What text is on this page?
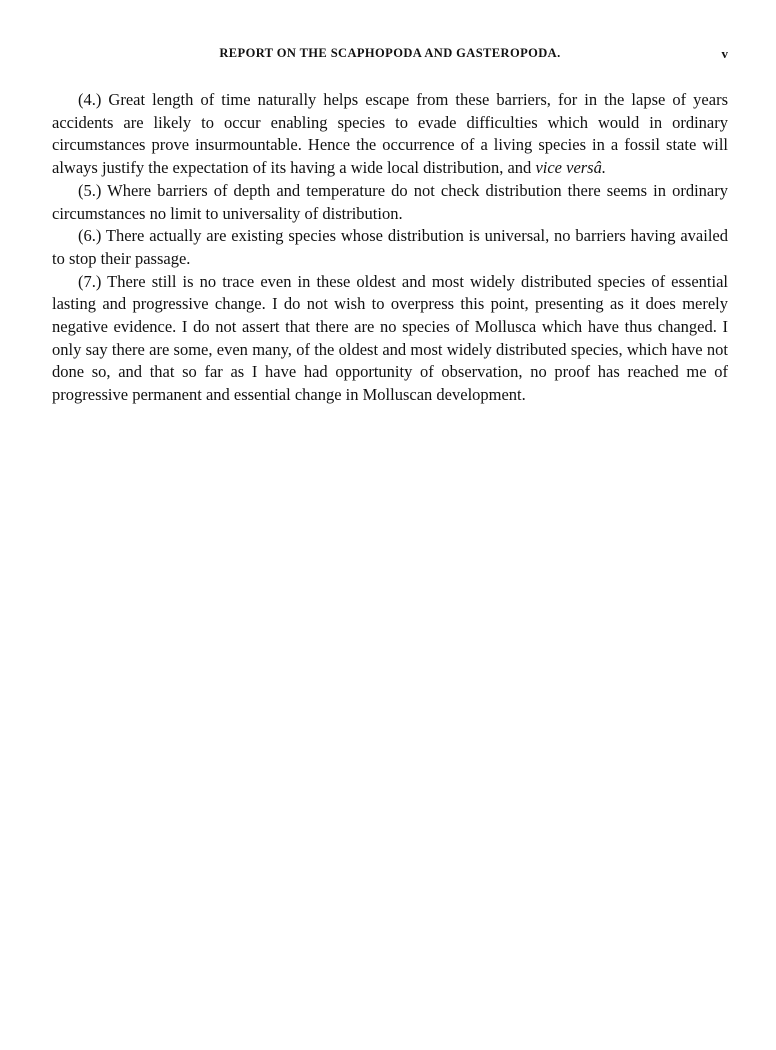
REPORT ON THE SCAPHOPODA AND GASTEROPODA.	v

(4.) Great length of time naturally helps escape from these barriers, for in the lapse of years accidents are likely to occur enabling species to evade difficulties which would in ordinary circumstances prove insurmountable. Hence the occurrence of a living species in a fossil state will always justify the expectation of its having a wide local distribution, and vice versâ.

(5.) Where barriers of depth and temperature do not check distribution there seems in ordinary circumstances no limit to universality of distribution.

(6.) There actually are existing species whose distribution is universal, no barriers having availed to stop their passage.

(7.) There still is no trace even in these oldest and most widely distributed species of essential lasting and progressive change. I do not wish to overpress this point, presenting as it does merely negative evidence. I do not assert that there are no species of Mollusca which have thus changed. I only say there are some, even many, of the oldest and most widely distributed species, which have not done so, and that so far as I have had opportunity of observation, no proof has reached me of progressive permanent and essential change in Molluscan development.
